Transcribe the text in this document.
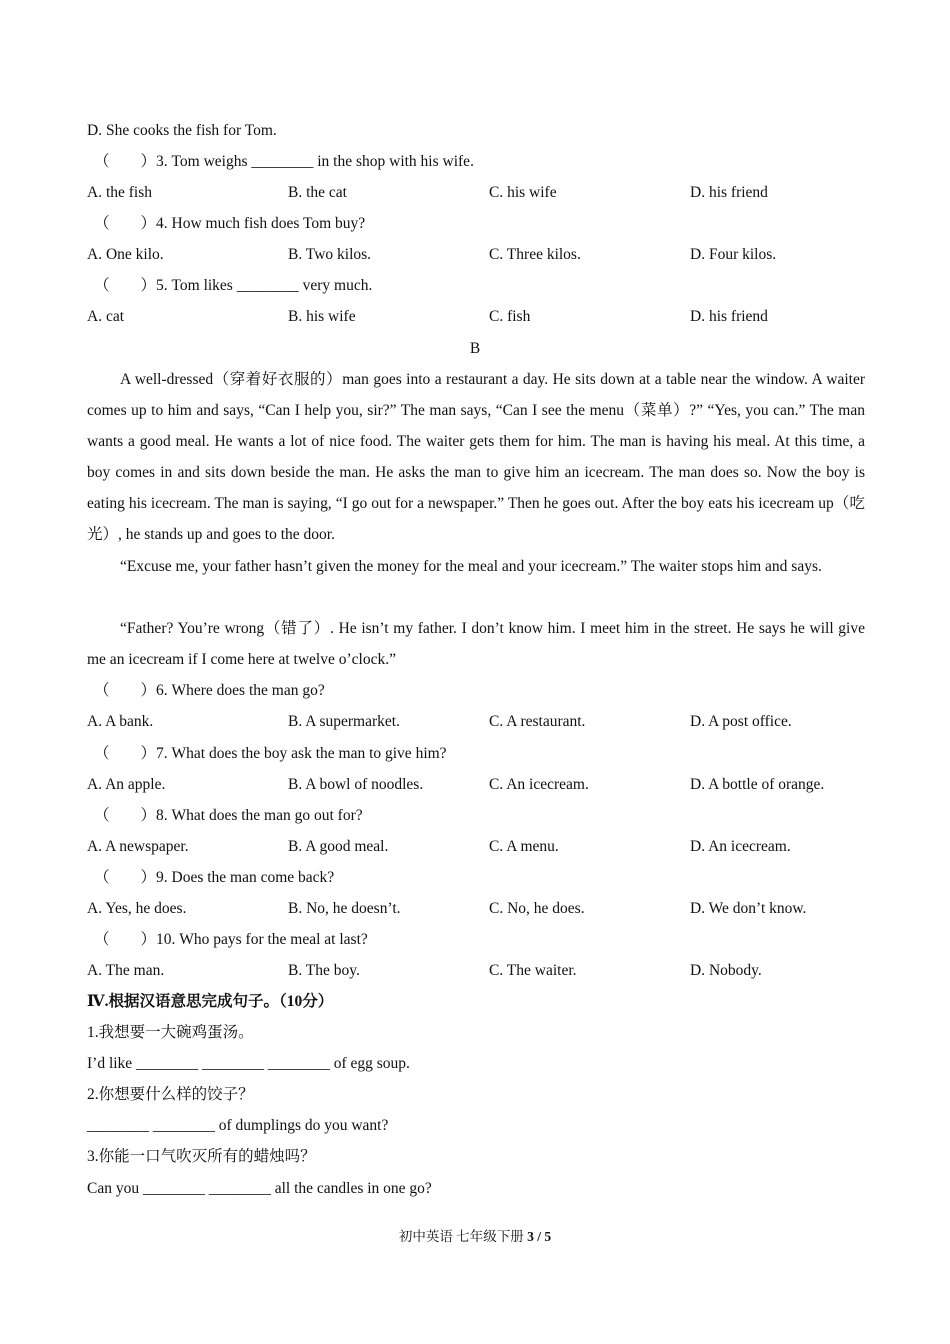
D. She cooks the fish for Tom.
（　　）3. Tom weighs ________ in the shop with his wife.
A. the fish	B. the cat	C. his wife	D. his friend
（　　）4. How much fish does Tom buy?
A. One kilo.	B. Two kilos.	C. Three kilos.	D. Four kilos.
（　　）5. Tom likes ________ very much.
A. cat	B. his wife	C. fish	D. his friend
B
A well-dressed（穿着好衣服的）man goes into a restaurant a day. He sits down at a table near the window. A waiter comes up to him and says, “Can I help you, sir?” The man says, “Can I see the menu（菜单）?” “Yes, you can.” The man wants a good meal. He wants a lot of nice food. The waiter gets them for him. The man is having his meal. At this time, a boy comes in and sits down beside the man. He asks the man to give him an icecream. The man does so. Now the boy is eating his icecream. The man is saying, “I go out for a newspaper.” Then he goes out. After the boy eats his icecream up（吃光）, he stands up and goes to the door.
“Excuse me, your father hasn’t given the money for the meal and your icecream.” The waiter stops him and says.
“Father? You’re wrong（错了）. He isn’t my father. I don’t know him. I meet him in the street. He says he will give me an icecream if I come here at twelve o’clock.”
（　　）6. Where does the man go?
A. A bank.	B. A supermarket.	C. A restaurant.	D. A post office.
（　　）7. What does the boy ask the man to give him?
A. An apple.	B. A bowl of noodles.	C. An icecream.	D. A bottle of orange.
（　　）8. What does the man go out for?
A. A newspaper.	B. A good meal.	C. A menu.	D. An icecream.
（　　）9. Does the man come back?
A. Yes, he does.	B. No, he doesn’t.	C. No, he does.	D. We don’t know.
（　　）10. Who pays for the meal at last?
A. The man.	B. The boy.	C. The waiter.	D. Nobody.
Ⅳ.根据汉语意思完成句子。（10分）
1.我想要一大碗鸡蛋汤。
I’d like ________ ________ ________ of egg soup.
2.你想要什么样的饺子？
________ ________ of dumplings do you want?
3.你能一口气吹灭所有的蜡烛吗？
Can you ________ ________ all the candles in one go?
初中英语 七年级下册 3 / 5
